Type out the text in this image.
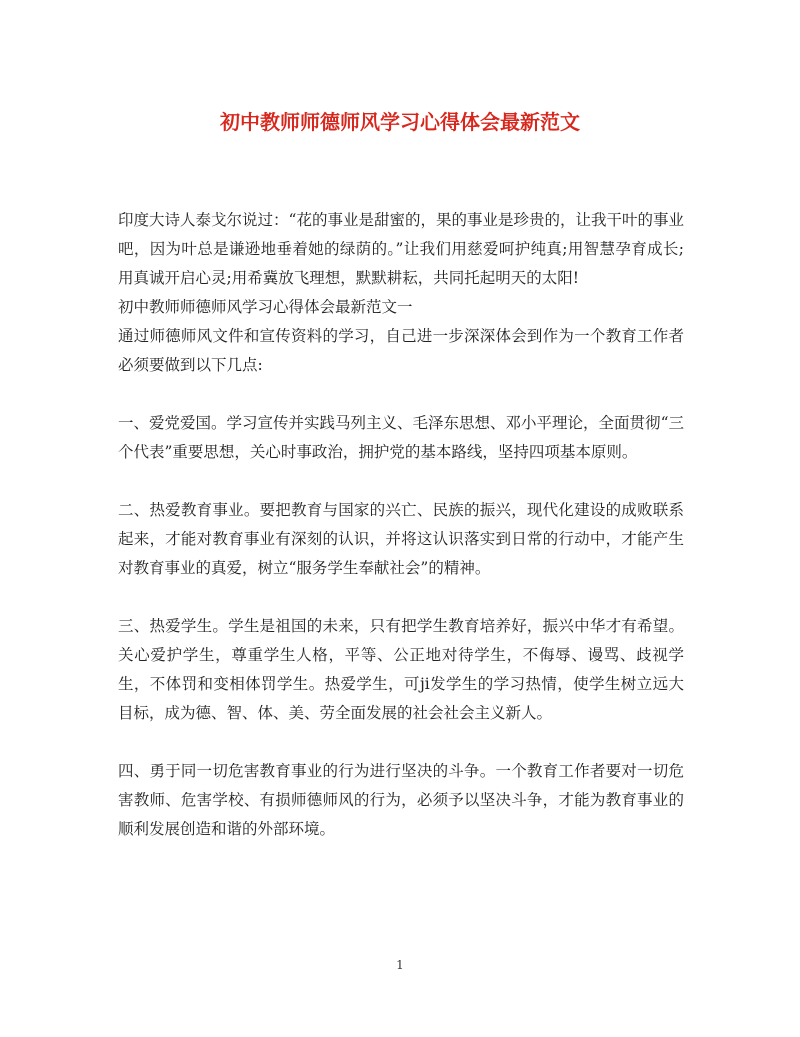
初中教师师德师风学习心得体会最新范文

印度大诗人泰戈尔说过：“花的事业是甜蜜的，果的事业是珍贵的，让我干叶的事业吧，因为叶总是谦逊地垂着她的绿荫的。”让我们用慈爱呵护纯真;用智慧孕育成长;用真诚开启心灵;用希冀放飞理想，默默耕耘，共同托起明天的太阳!

初中教师师德师风学习心得体会最新范文一

通过师德师风文件和宣传资料的学习，自己进一步深深体会到作为一个教育工作者必须要做到以下几点:

一、爱党爱国。学习宣传并实践马列主义、毛泽东思想、邓小平理论，全面贯彻“三个代表”重要思想，关心时事政治，拥护党的基本路线，坚持四项基本原则。

二、热爱教育事业。要把教育与国家的兴亡、民族的振兴，现代化建设的成败联系起来，才能对教育事业有深刻的认识，并将这认识落实到日常的行动中，才能产生对教育事业的真爱，树立“服务学生奉献社会”的精神。

三、热爱学生。学生是祖国的未来，只有把学生教育培养好，振兴中华才有希望。关心爱护学生，尊重学生人格，平等、公正地对待学生，不侮辱、谩骂、歧视学生，不体罚和变相体罚学生。热爱学生，可ji发学生的学习热情，使学生树立远大目标，成为德、智、体、美、劳全面发展的社会社会主义新人。

四、勇于同一切危害教育事业的行为进行坚决的斗争。一个教育工作者要对一切危害教师、危害学校、有损师德师风的行为，必须予以坚决斗争，才能为教育事业的顺利发展创造和谐的外部环境。

1
